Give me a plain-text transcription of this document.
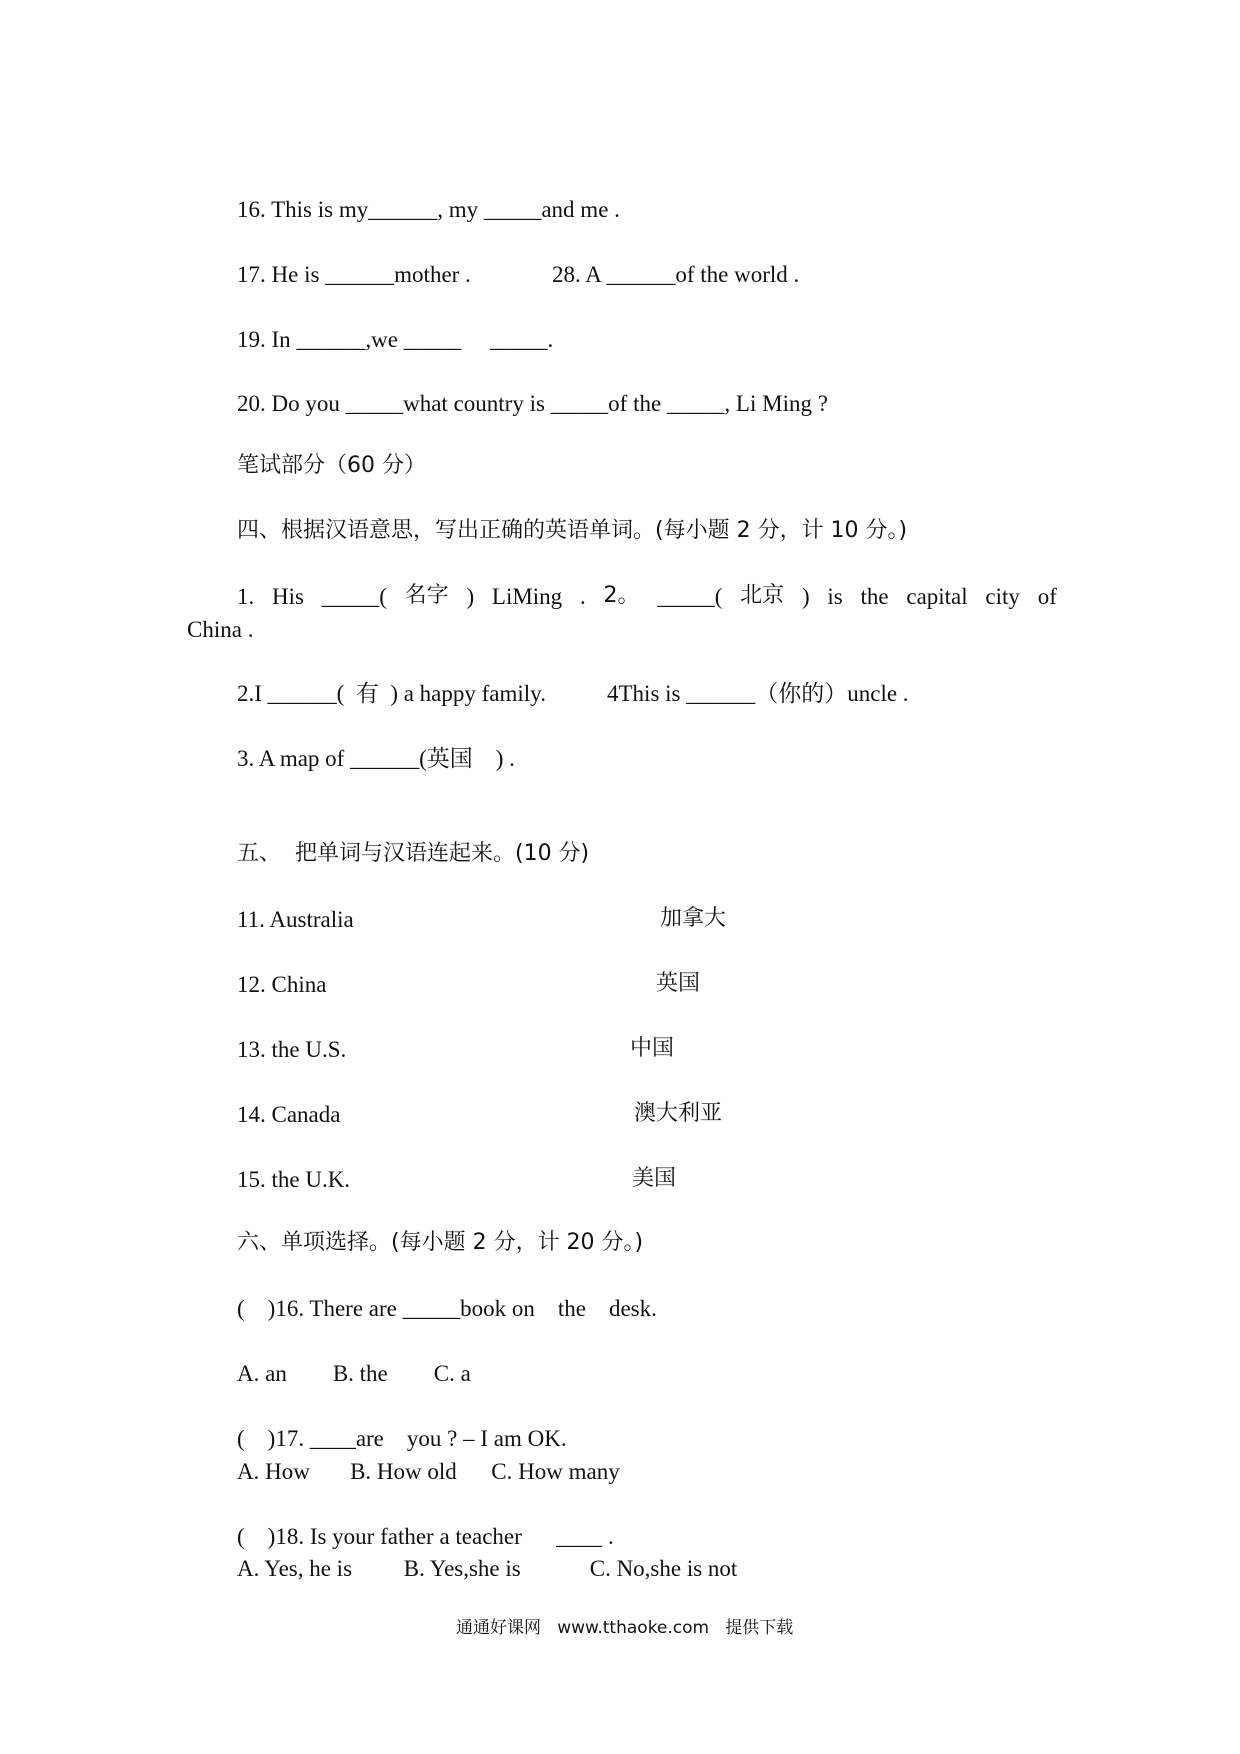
16. This is my______, my _____and me .
17. He is ______mother .	28. A ______of the world .
19. In ______,we _____     _____.
20. Do you _____what country is _____of the _____, Li Ming ?
笔试部分（60 分）
四、根据汉语意思，写出正确的英语单词。(每小题 2 分，计 10 分。)
1. His _____( 名字 ) LiMing . 2。 _____( 北京 ) is the capital city of
China .
2.I ______(  有  ) a happy family.	4This is ______（你的）uncle .
3. A map of ______(英国    ) .
五、  把单词与汉语连起来。(10 分)
11. Australia	加拿大
12. China	英国
13. the U.S.	中国
14. Canada	澳大利亚
15. the U.K.	美国
六、单项选择。(每小题 2 分，计 20 分。)
(    )16. There are _____book on    the    desk.
A. an        B. the        C. a
(    )17. ____are    you ? – I am OK.
A. How       B. How old      C. How many
(    )18. Is your father a teacher      ____ .
A. Yes, he is         B. Yes,she is            C. No,she is not
通通好课网   www.tthaoke.com   提供下载
